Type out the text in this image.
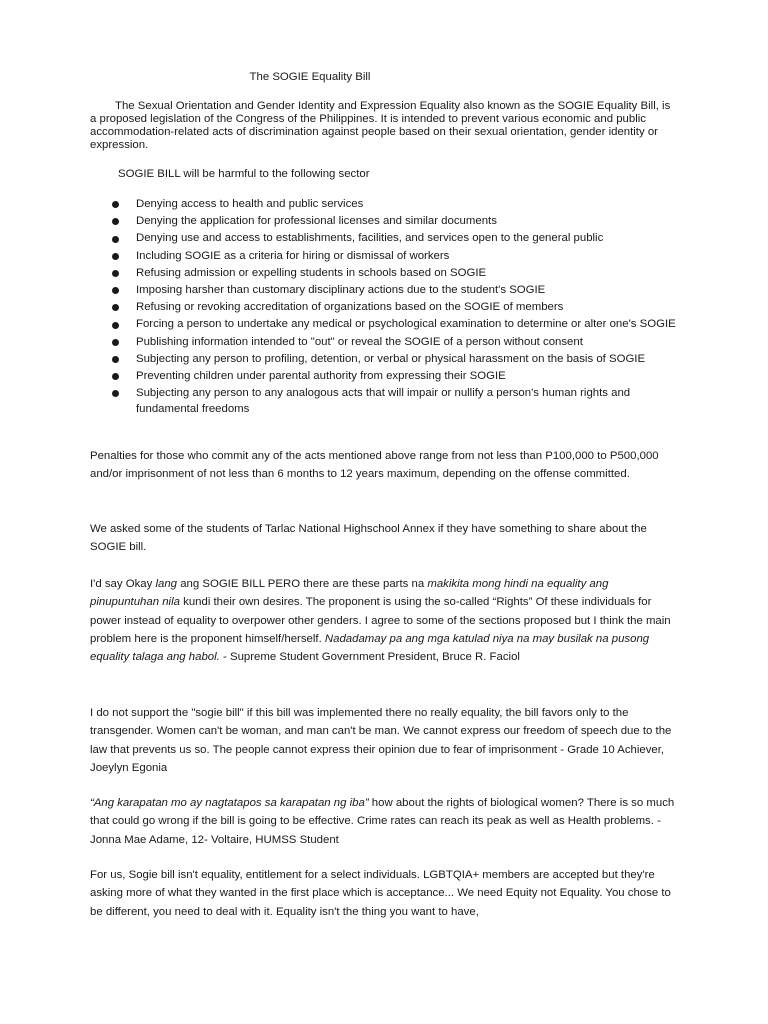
The SOGIE Equality Bill
The Sexual Orientation and Gender Identity and Expression Equality also known as the SOGIE Equality Bill, is a proposed legislation of the Congress of the Philippines. It is intended to prevent various economic and public accommodation-related acts of discrimination against people based on their sexual orientation, gender identity or expression.
SOGIE BILL will be harmful to the following sector
Denying access to health and public services
Denying the application for professional licenses and similar documents
Denying use and access to establishments, facilities, and services open to the general public
Including SOGIE as a criteria for hiring or dismissal of workers
Refusing admission or expelling students in schools based on SOGIE
Imposing harsher than customary disciplinary actions due to the student's SOGIE
Refusing or revoking accreditation of organizations based on the SOGIE of members
Forcing a person to undertake any medical or psychological examination to determine or alter one's SOGIE
Publishing information intended to "out" or reveal the SOGIE of a person without consent
Subjecting any person to profiling, detention, or verbal or physical harassment on the basis of SOGIE
Preventing children under parental authority from expressing their SOGIE
Subjecting any person to any analogous acts that will impair or nullify a person's human rights and fundamental freedoms
Penalties for those who commit any of the acts mentioned above range from not less than P100,000 to P500,000 and/or imprisonment of not less than 6 months to 12 years maximum, depending on the offense committed.
We asked some of the students of Tarlac National Highschool Annex if they have something to share about the SOGIE bill.
I'd say Okay lang ang SOGIE BILL PERO there are these parts na makikita mong hindi na equality ang pinupuntuhan nila kundi their own desires. The proponent is using the so-called “Rights” Of these individuals for power instead of equality to overpower other genders. I agree to some of the sections proposed but I think the main problem here is the proponent himself/herself. Nadadamay pa ang mga katulad niya na may busilak na pusong equality talaga ang habol. - Supreme Student Government President, Bruce R. Faciol
I do not support the "sogie bill" if this bill was implemented there no really equality, the bill favors only to the transgender. Women can't be woman, and man can't be man. We cannot express our freedom of speech due to the law that prevents us so. The people cannot express their opinion due to fear of imprisonment - Grade 10 Achiever, Joeylyn Egonia
“Ang karapatan mo ay nagtatapos sa karapatan ng iba” how about the rights of biological women? There is so much that could go wrong if the bill is going to be effective. Crime rates can reach its peak as well as Health problems. - Jonna Mae Adame, 12- Voltaire, HUMSS Student
For us, Sogie bill isn't equality, entitlement for a select individuals. LGBTQIA+ members are accepted but they're asking more of what they wanted in the first place which is acceptance... We need Equity not Equality. You chose to be different, you need to deal with it. Equality isn't the thing you want to have,
